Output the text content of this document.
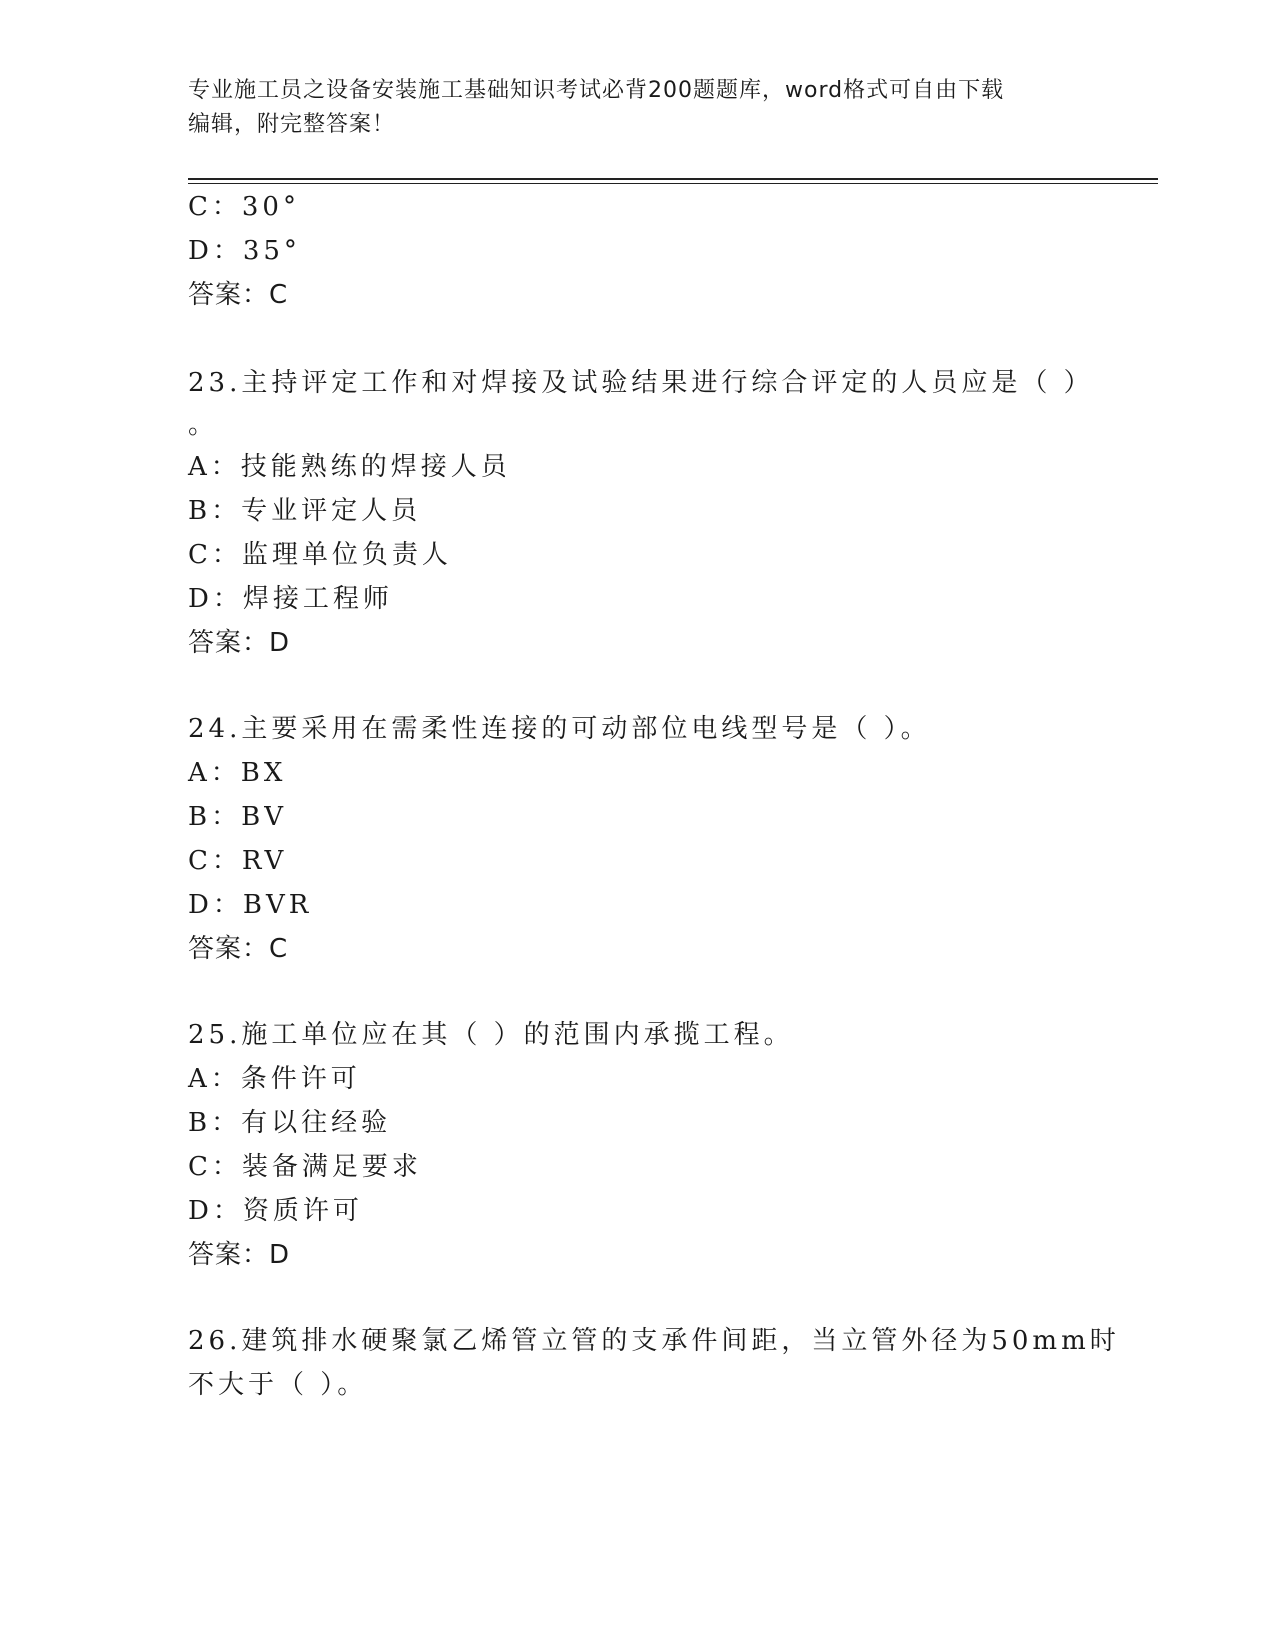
专业施工员之设备安装施工基础知识考试必背200题题库，word格式可自由下载
编辑，附完整答案！
C：30°
D：35°
答案：C
23.主持评定工作和对焊接及试验结果进行综合评定的人员应是（ ）
。
A：技能熟练的焊接人员
B：专业评定人员
C：监理单位负责人
D：焊接工程师
答案：D
24.主要采用在需柔性连接的可动部位电线型号是（ ）。
A：BX
B：BV
C：RV
D：BVR
答案：C
25.施工单位应在其（ ）的范围内承揽工程。
A：条件许可
B：有以往经验
C：装备满足要求
D：资质许可
答案：D
26.建筑排水硬聚氯乙烯管立管的支承件间距，当立管外径为50mm时
不大于（ ）。
